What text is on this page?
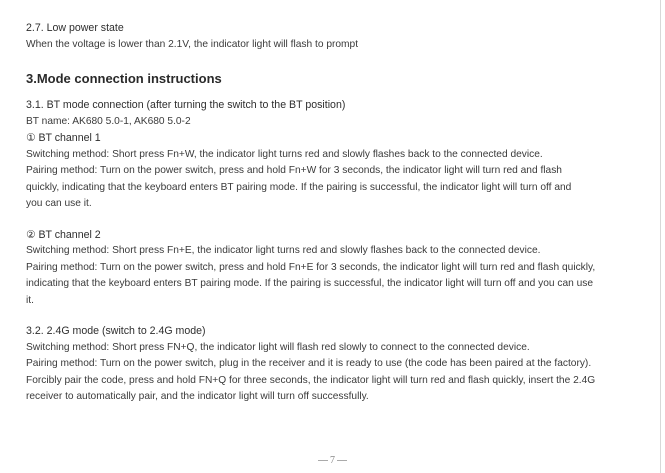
2.7. Low power state
When the voltage is lower than 2.1V, the indicator light will flash to prompt
3.Mode connection instructions
3.1. BT mode connection (after turning the switch to the BT position)
BT name: AK680 5.0-1, AK680 5.0-2
① BT channel 1
Switching method: Short press Fn+W, the indicator light turns red and slowly flashes back to the connected device.
Pairing method: Turn on the power switch, press and hold Fn+W for 3 seconds, the indicator light will turn red and flash
quickly, indicating that the keyboard enters BT pairing mode. If the pairing is successful, the indicator light will turn off and
you can use it.
② BT channel 2
Switching method: Short press Fn+E, the indicator light turns red and slowly flashes back to the connected device.
Pairing method: Turn on the power switch, press and hold Fn+E for 3 seconds, the indicator light will turn red and flash quickly,
indicating that the keyboard enters BT pairing mode. If the pairing is successful, the indicator light will turn off and you can use
it.
3.2. 2.4G mode (switch to 2.4G mode)
Switching method: Short press FN+Q, the indicator light will flash red slowly to connect to the connected device.
Pairing method: Turn on the power switch, plug in the receiver and it is ready to use (the code has been paired at the factory).
Forcibly pair the code, press and hold FN+Q for three seconds, the indicator light will turn red and flash quickly, insert the 2.4G
receiver to automatically pair, and the indicator light will turn off successfully.
7
